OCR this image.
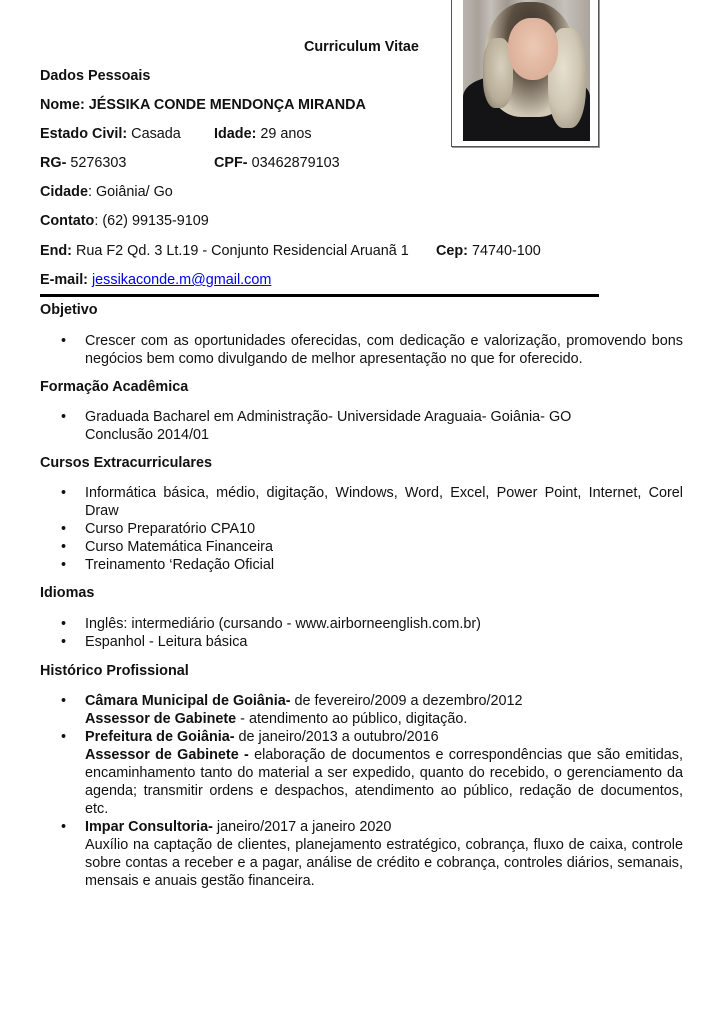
Curriculum Vitae
Dados Pessoais
Nome: JÉSSIKA CONDE MENDONÇA MIRANDA
Estado Civil: Casada Idade: 29 anos
RG- 5276303	CPF- 03462879103
Cidade: Goiânia/ Go
Contato: (62) 99135-9109
End: Rua F2 Qd. 3 Lt.19 - Conjunto Residencial Aruanã 1 Cep: 74740-100
E-mail: jessikaconde.m@gmail.com
Objetivo
• Crescer com as oportunidades oferecidas, com dedicação e valorização, promovendo bons negócios bem como divulgando de melhor apresentação no que for oferecido.
Formação Acadêmica
• Graduada Bacharel em Administração- Universidade Araguaia- Goiânia- GO
Conclusão 2014/01
Cursos Extracurriculares
• Informática básica, médio, digitação, Windows, Word, Excel, Power Point, Internet, Corel Draw
• Curso Preparatório CPA10
• Curso Matemática Financeira
• Treinamento ‘Redação Oficial
Idiomas
• Inglês: intermediário (cursando - www.airborneenglish.com.br)
• Espanhol - Leitura básica
Histórico Profissional
• Câmara Municipal de Goiânia- de fevereiro/2009 a dezembro/2012
Assessor de Gabinete - atendimento ao público, digitação.
• Prefeitura de Goiânia- de janeiro/2013 a outubro/2016
Assessor de Gabinete - elaboração de documentos e correspondências que são emitidas, encaminhamento tanto do material a ser expedido, quanto do recebido, o gerenciamento da agenda; transmitir ordens e despachos, atendimento ao público, redação de documentos, etc.
• Impar Consultoria- janeiro/2017 a janeiro 2020
Auxílio na captação de clientes, planejamento estratégico, cobrança, fluxo de caixa, controle sobre contas a receber e a pagar, análise de crédito e cobrança, controles diários, semanais, mensais e anuais gestão financeira.
